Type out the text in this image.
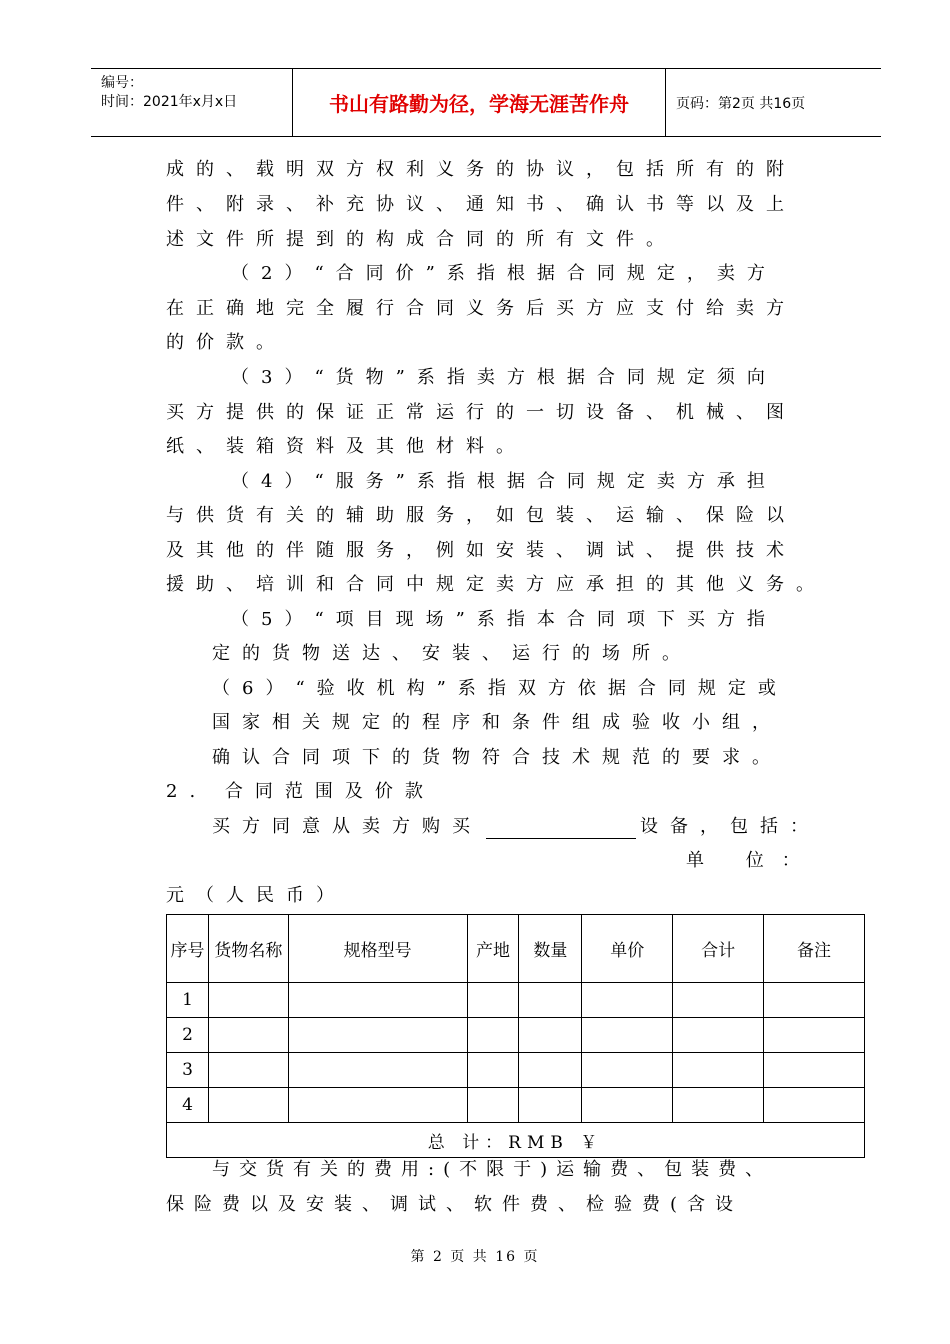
编号：
时间：2021年x月x日	书山有路勤为径，学海无涯苦作舟	页码：第2页 共16页
成的、载明双方权利义务的协议，包括所有的附
件、附录、补充协议、通知书、确认书等以及上
述文件所提到的构成合同的所有文件。
（2）“合同价”系指根据合同规定，卖方
在正确地完全履行合同义务后买方应支付给卖方
的价款。
（3）“货物”系指卖方根据合同规定须向
买方提供的保证正常运行的一切设备、机械、图
纸、装箱资料及其他材料。
（4）“服务”系指根据合同规定卖方承担
与供货有关的辅助服务，如包装、运输、保险以
及其他的伴随服务，例如安装、调试、提供技术
援助、培训和合同中规定卖方应承担的其他义务。
（5）“项目现场”系指本合同项下买方指
定的货物送达、安装、运行的场所。
（6）“验收机构”系指双方依据合同规定或
国家相关规定的程序和条件组成验收小组，
确认合同项下的货物符合技术规范的要求。
2. 合同范围及价款
买方同意从卖方购买	设备，包括：
单 位：
元（人民币）
序号	货物名称	规格型号	产地	数量	单价	合计	备注
1							
2							
3							
4							
总 计：RMB ￥							
与交货有关的费用:(不限于)运输费、包装费、
保险费以及安装、调试、软件费、检验费(含设
第 2 页 共 16 页
